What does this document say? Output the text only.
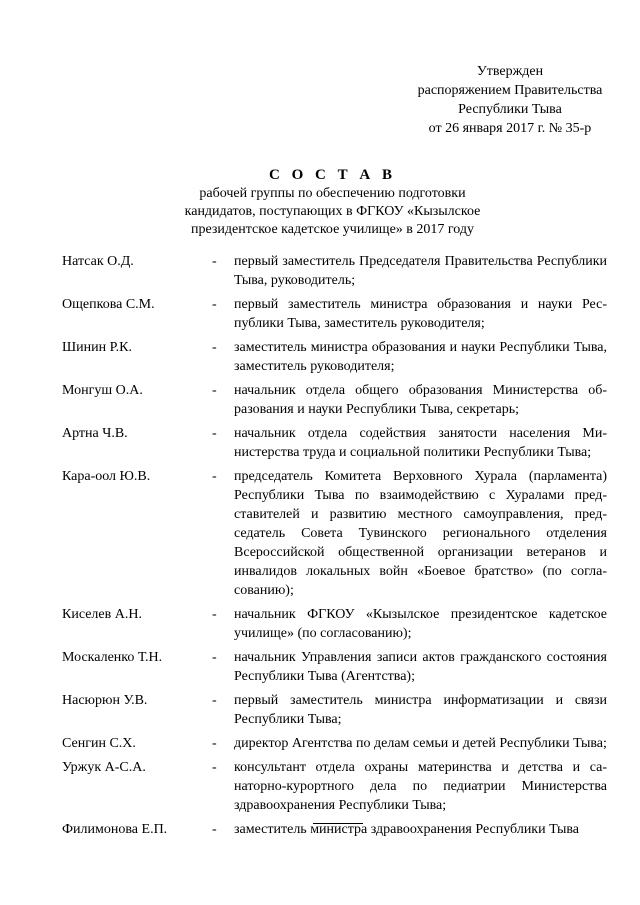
Утвержден
распоряжением Правительства
Республики Тыва
от 26 января 2017 г. № 35-р
С О С Т А В
рабочей группы по обеспечению подготовки
кандидатов, поступающих в ФГКОУ «Кызылское
президентское кадетское училище» в 2017 году
Натсак О.Д.	-	первый заместитель Председателя Правительства Республики Тыва, руководитель;
Ощепкова С.М.	-	первый заместитель министра образования и науки Республики Тыва, заместитель руководителя;
Шинин Р.К.	-	заместитель министра образования и науки Республики Тыва, заместитель руководителя;
Монгуш О.А.	-	начальник отдела общего образования Министерства образования и науки Республики Тыва, секретарь;
Артна Ч.В.	-	начальник отдела содействия занятости населения Министерства труда и социальной политики Республики Тыва;
Кара-оол Ю.В.	-	председатель Комитета Верховного Хурала (парламента) Республики Тыва по взаимодействию с Хуралами представителей и развитию местного самоуправления, председатель Совета Тувинского регионального отделения Всероссийской общественной организации ветеранов и инвалидов локальных войн «Боевое братство» (по согласованию);
Киселев А.Н.	-	начальник ФГКОУ «Кызылское президентское кадетское училище» (по согласованию);
Москаленко Т.Н.	-	начальник Управления записи актов гражданского состояния Республики Тыва (Агентства);
Насюрюн У.В.	-	первый заместитель министра информатизации и связи Республики Тыва;
Сенгин С.Х.	-	директор Агентства по делам семьи и детей Республики Тыва;
Уржук А-С.А.	-	консультант отдела охраны материнства и детства и санаторно-курортного дела по педиатрии Министерства здравоохранения Республики Тыва;
Филимонова Е.П.	-	заместитель министра здравоохранения Республики Тыва
